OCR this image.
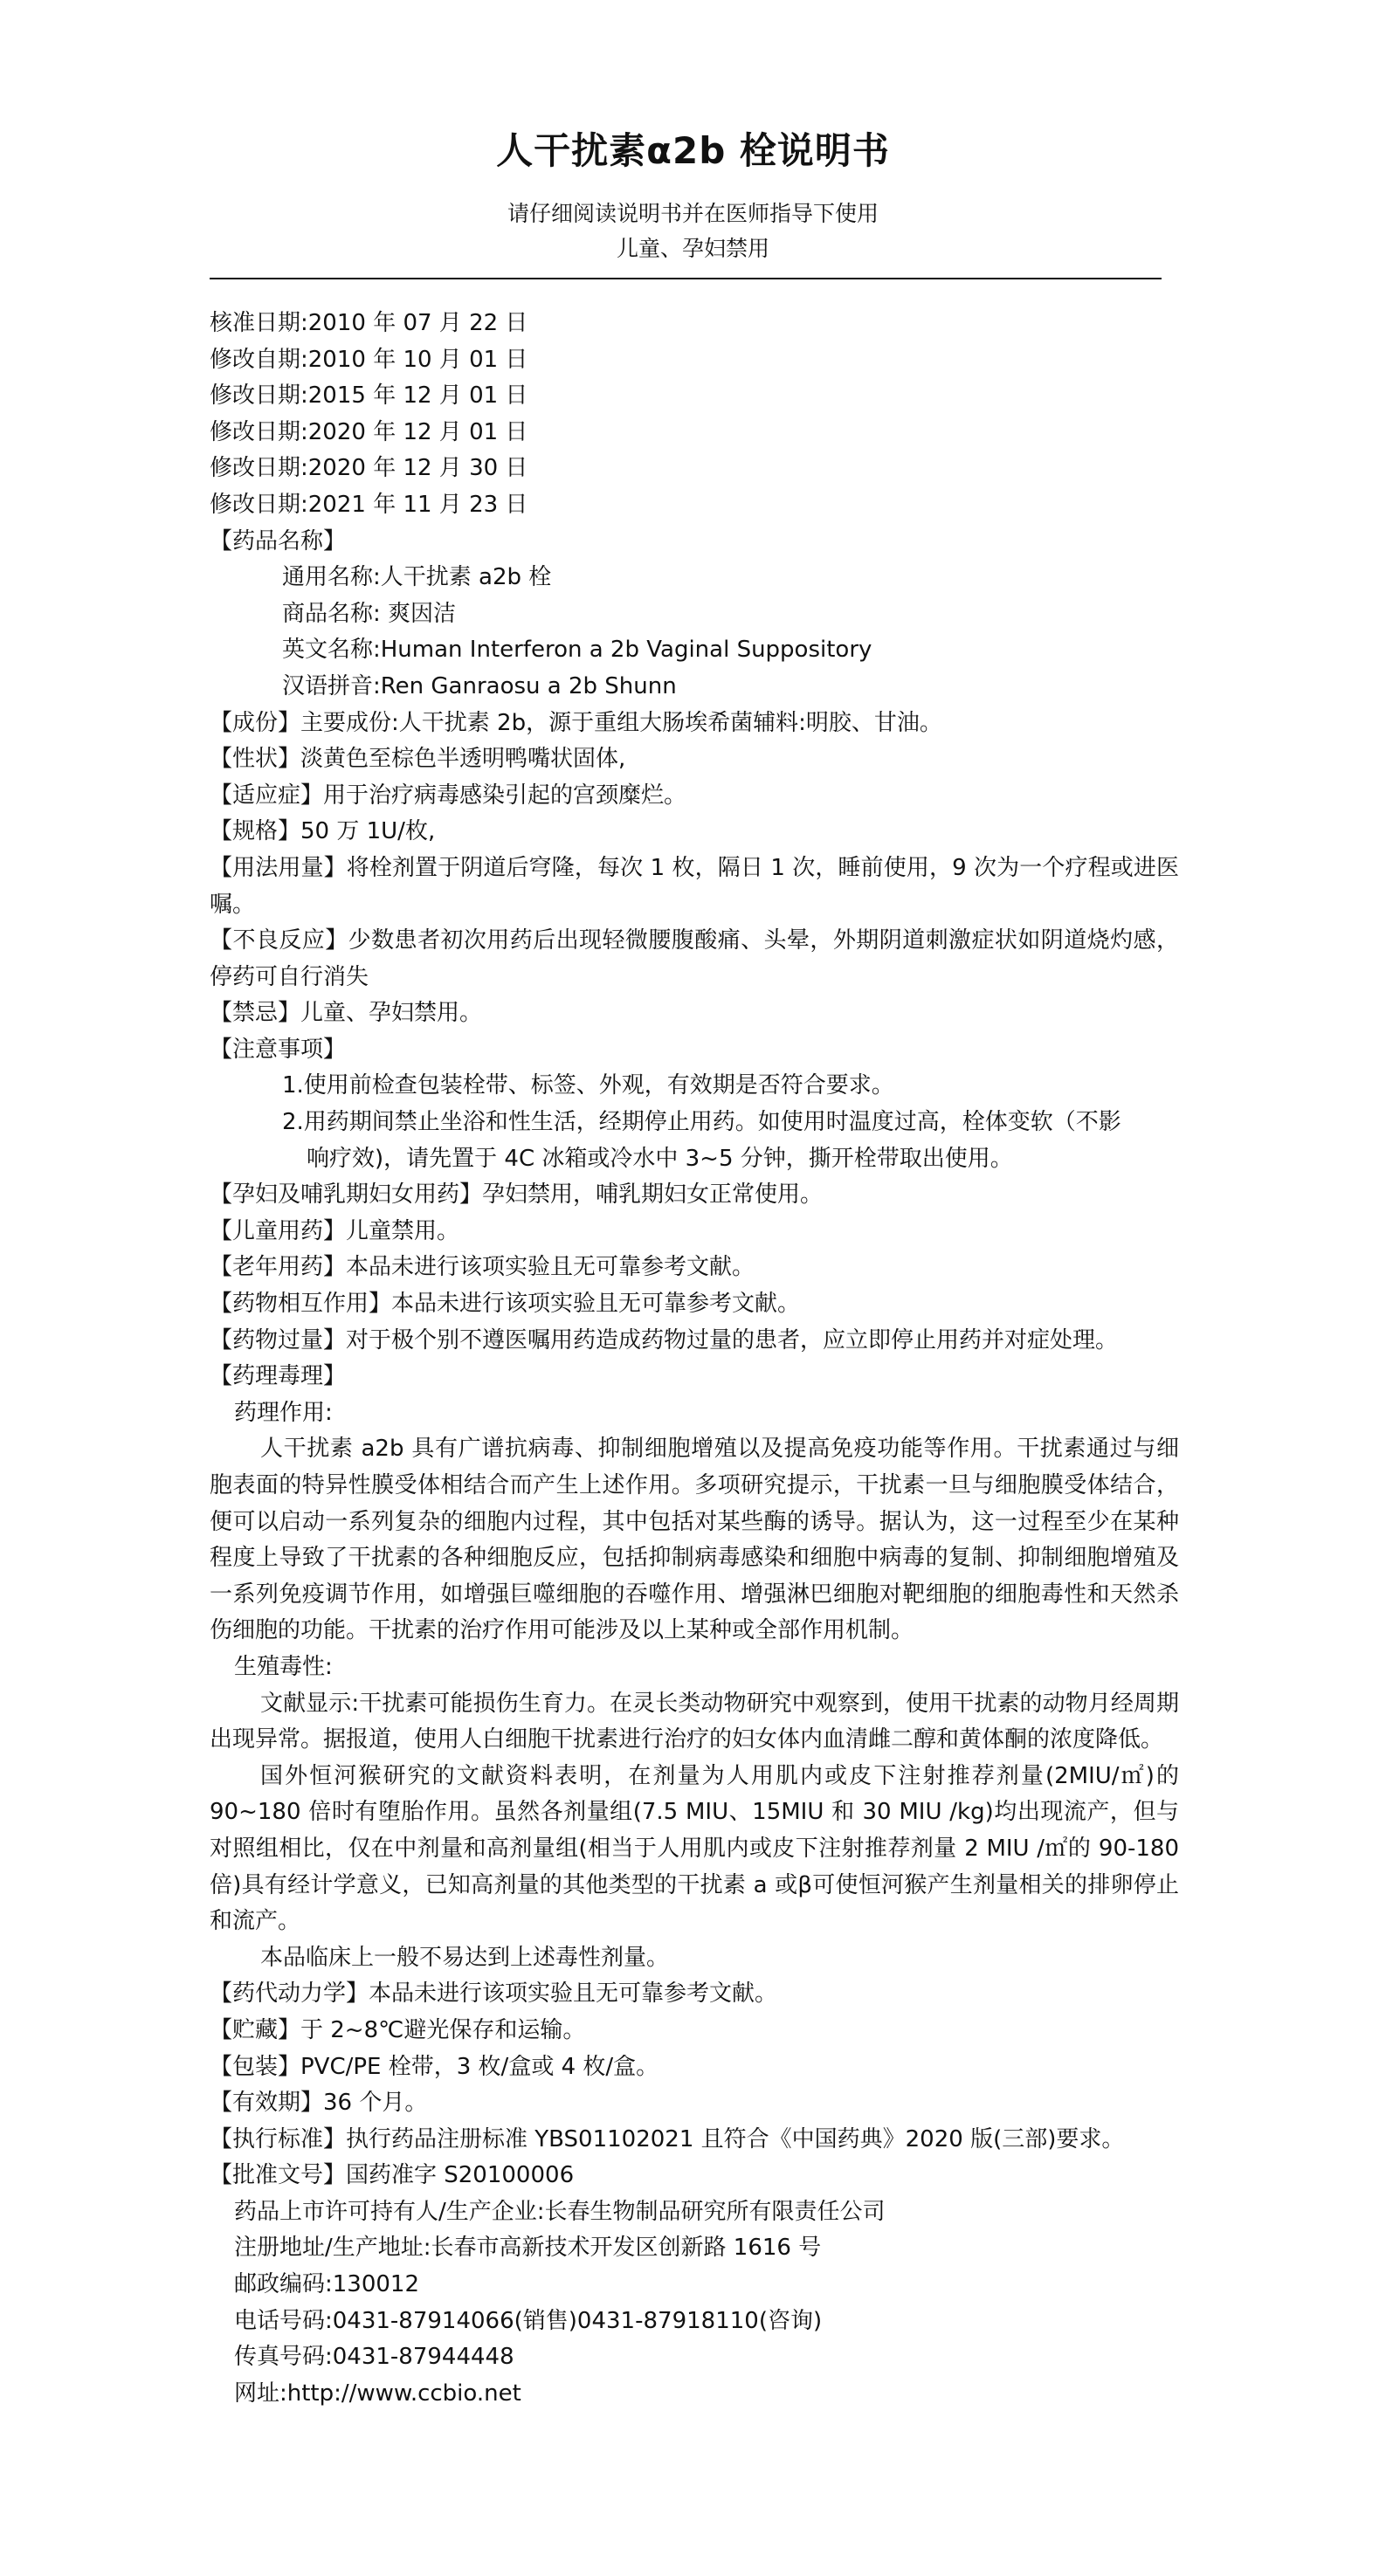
人干扰素α2b 栓说明书
请仔细阅读说明书并在医师指导下使用
儿童、孕妇禁用
核准日期:2010 年 07 月 22 日
修改自期:2010 年 10 月 01 日
修改日期:2015 年 12 月 01 日
修改日期:2020 年 12 月 01 日
修改日期:2020 年 12 月 30 日
修改日期:2021 年 11 月 23 日
【药品名称】
通用名称:人干扰素 a2b 栓
商品名称: 爽因洁
英文名称:Human Interferon a 2b Vaginal Suppository
汉语拼音:Ren Ganraosu a 2b Shunn
【成份】主要成份:人干扰素 2b，源于重组大肠埃希菌辅料:明胶、甘油。
【性状】淡黄色至棕色半透明鸭嘴状固体,
【适应症】用于治疗病毒感染引起的宫颈糜烂。
【规格】50 万 1U/枚,
【用法用量】将栓剂置于阴道后穹隆，每次 1 枚，隔日 1 次，睡前使用，9 次为一个疗程或进医嘱。
【不良反应】少数患者初次用药后出现轻微腰腹酸痛、头晕，外期阴道刺激症状如阴道烧灼感，停药可自行消失
【禁忌】儿童、孕妇禁用。
【注意事项】
1.使用前检查包装栓带、标签、外观，有效期是否符合要求。
2.用药期间禁止坐浴和性生活，经期停止用药。如使用时温度过高，栓体变软（不影
响疗效)，请先置于 4C 冰箱或冷水中 3~5 分钟，撕开栓带取出使用。
【孕妇及哺乳期妇女用药】孕妇禁用，哺乳期妇女正常使用。
【儿童用药】儿童禁用。
【老年用药】本品未进行该项实验且无可靠参考文献。
【药物相互作用】本品未进行该项实验且无可靠参考文献。
【药物过量】对于极个别不遵医嘱用药造成药物过量的患者，应立即停止用药并对症处理。
【药理毒理】
药理作用:
人干扰素 a2b 具有广谱抗病毒、抑制细胞增殖以及提高免疫功能等作用。干扰素通过与细胞表面的特异性膜受体相结合而产生上述作用。多项研究提示，干扰素一旦与细胞膜受体结合，便可以启动一系列复杂的细胞内过程，其中包括对某些酶的诱导。据认为，这一过程至少在某种程度上导致了干扰素的各种细胞反应，包括抑制病毒感染和细胞中病毒的复制、抑制细胞增殖及一系列免疫调节作用，如增强巨噬细胞的吞噬作用、增强淋巴细胞对靶细胞的细胞毒性和天然杀伤细胞的功能。干扰素的治疗作用可能涉及以上某种或全部作用机制。
生殖毒性:
文献显示:干扰素可能损伤生育力。在灵长类动物研究中观察到，使用干扰素的动物月经周期出现异常。据报道，使用人白细胞干扰素进行治疗的妇女体内血清雌二醇和黄体酮的浓度降低。
国外恒河猴研究的文献资料表明，在剂量为人用肌内或皮下注射推荐剂量(2MIU/㎡)的 90~180 倍时有堕胎作用。虽然各剂量组(7.5 MIU、15MIU 和 30 MIU /kg)均出现流产，但与对照组相比，仅在中剂量和高剂量组(相当于人用肌内或皮下注射推荐剂量 2 MIU /㎡的 90-180 倍)具有经计学意义，已知高剂量的其他类型的干扰素 a 或β可使恒河猴产生剂量相关的排卵停止和流产。
本品临床上一般不易达到上述毒性剂量。
【药代动力学】本品未进行该项实验且无可靠参考文献。
【贮藏】于 2~8℃避光保存和运输。
【包装】PVC/PE 栓带，3 枚/盒或 4 枚/盒。
【有效期】36 个月。
【执行标准】执行药品注册标准 YBS01102021 且符合《中国药典》2020 版(三部)要求。
【批准文号】国药准字 S20100006
药品上市许可持有人/生产企业:长春生物制品研究所有限责任公司
注册地址/生产地址:长春市高新技术开发区创新路 1616 号
邮政编码:130012
电话号码:0431-87914066(销售)0431-87918110(咨询)
传真号码:0431-87944448
网址:http://www.ccbio.net
